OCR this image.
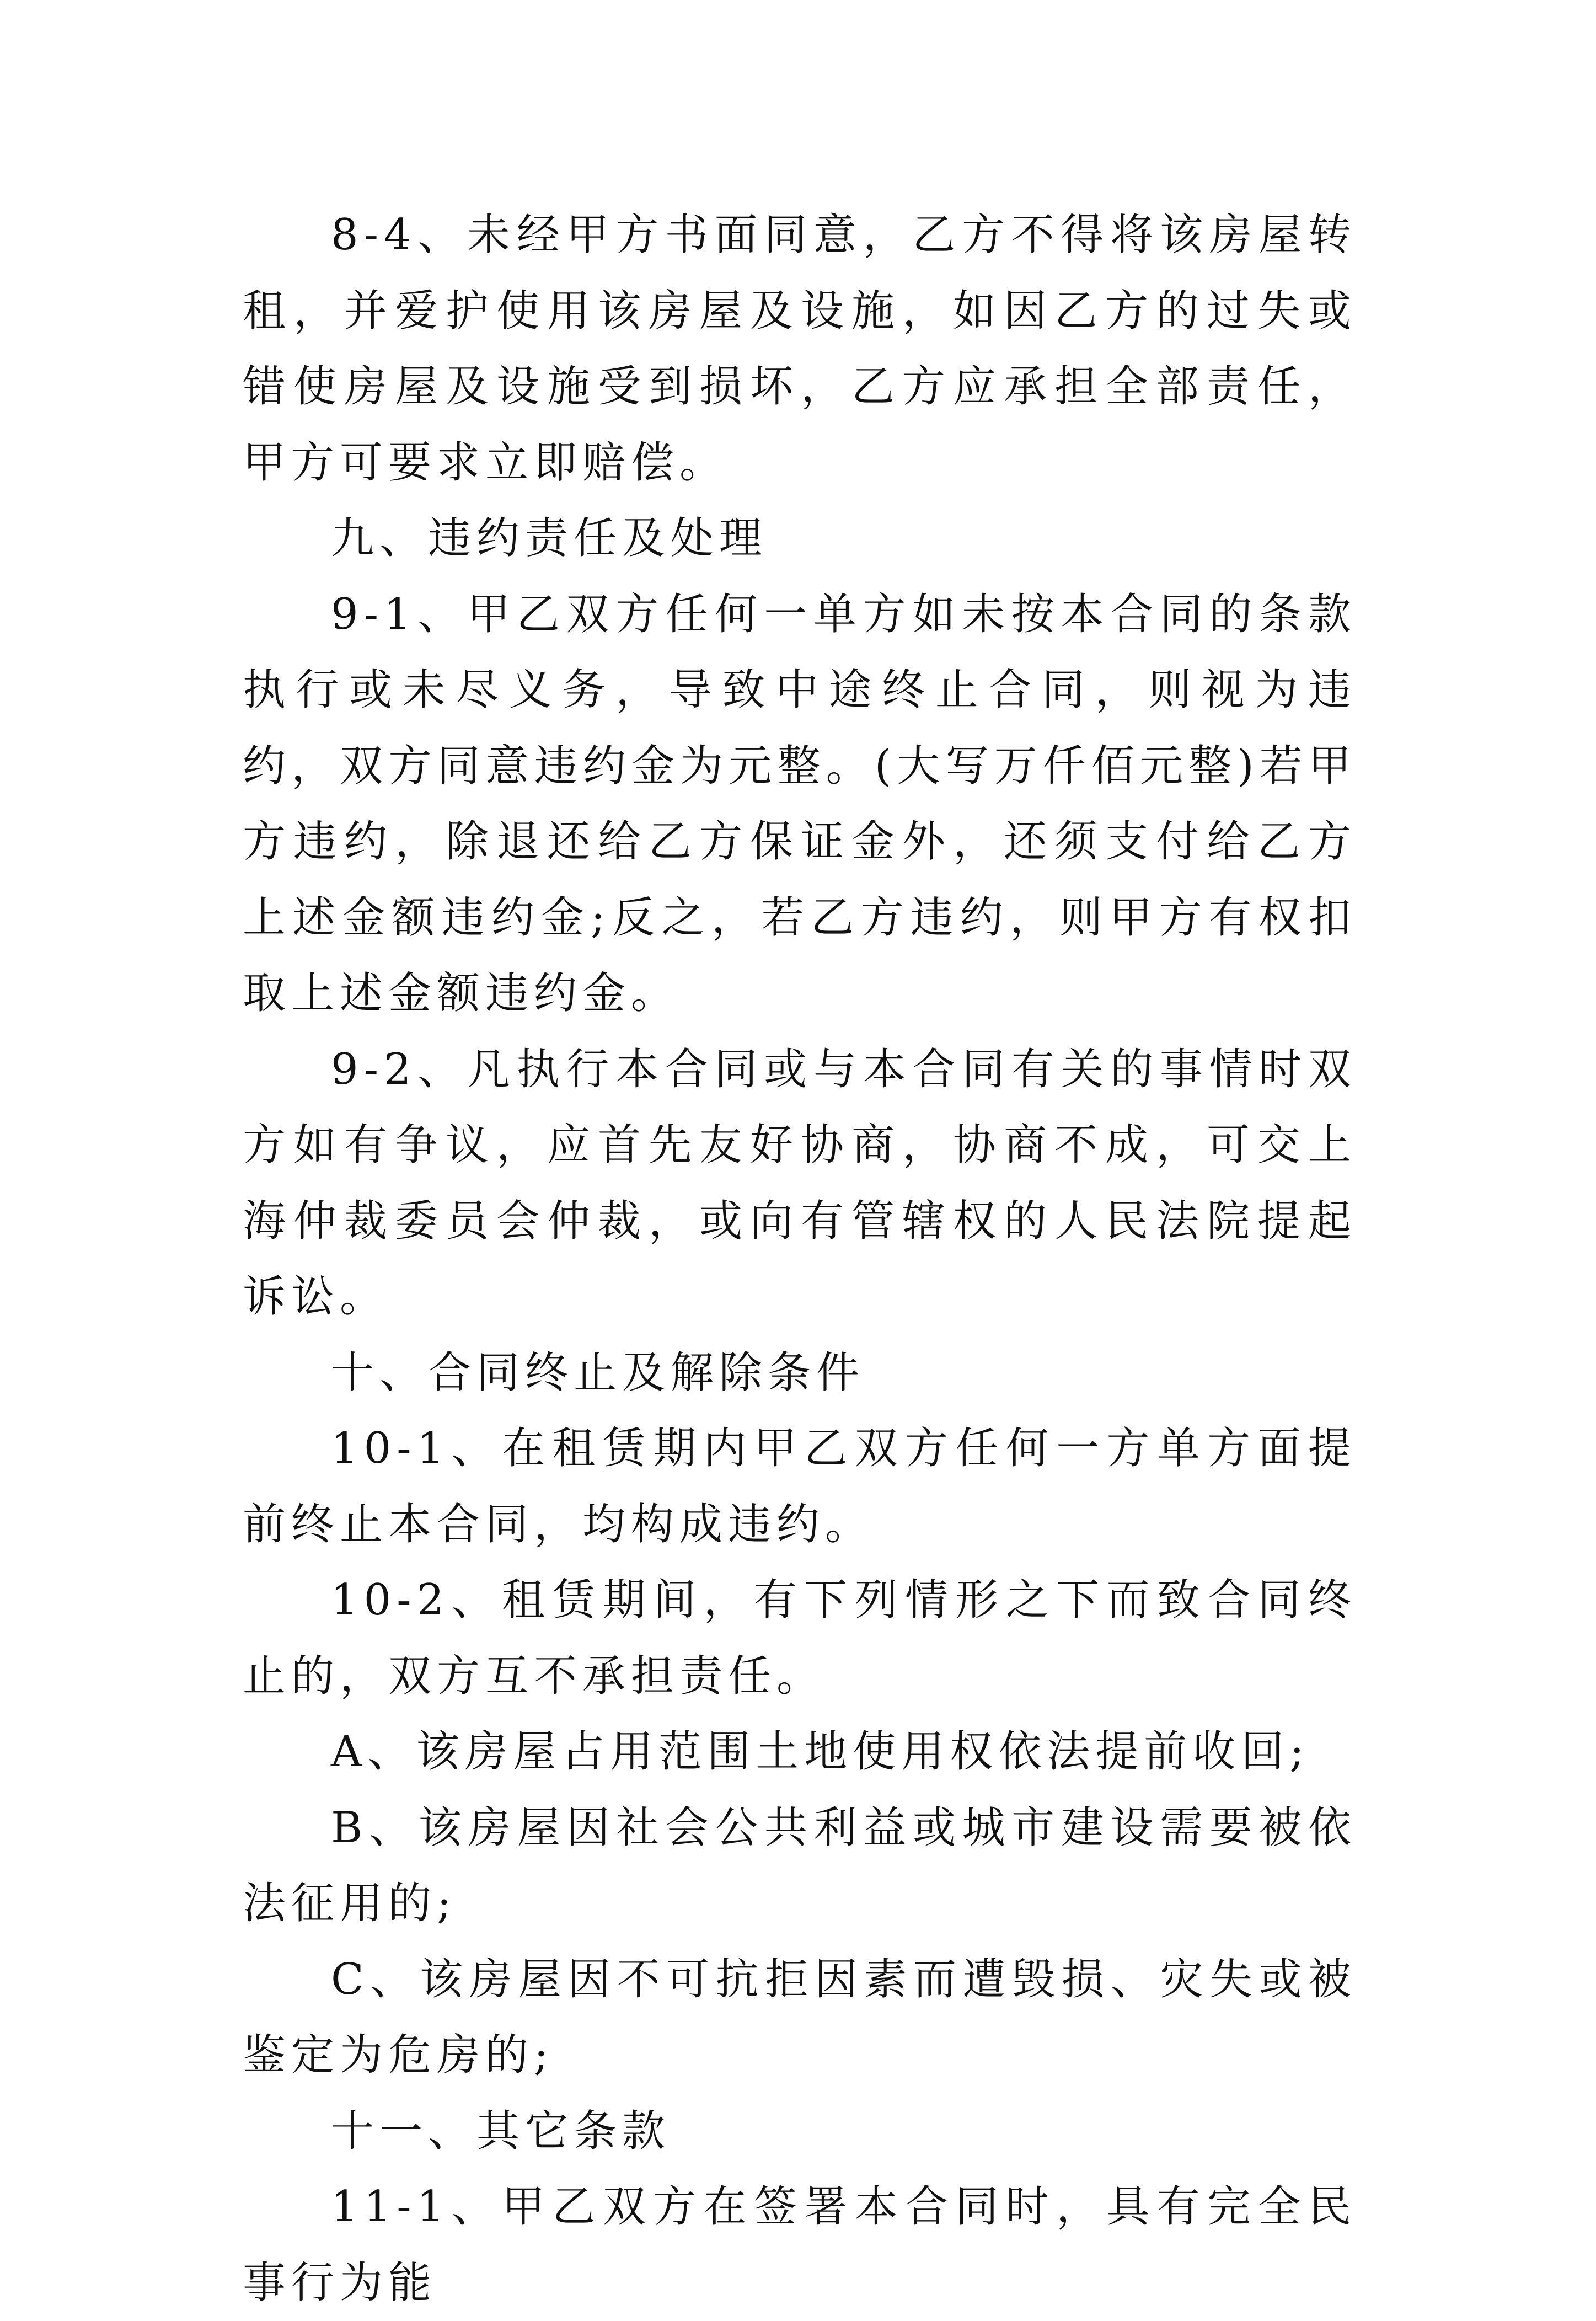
8-4、未经甲方书面同意，乙方不得将该房屋转租，并爱护使用该房屋及设施，如因乙方的过失或错使房屋及设施受到损坏，乙方应承担全部责任，甲方可要求立即赔偿。

九、违约责任及处理

9-1、甲乙双方任何一单方如未按本合同的条款执行或未尽义务，导致中途终止合同，则视为违约，双方同意违约金为元整。(大写万仟佰元整)若甲方违约，除退还给乙方保证金外，还须支付给乙方上述金额违约金;反之，若乙方违约，则甲方有权扣取上述金额违约金。

9-2、凡执行本合同或与本合同有关的事情时双方如有争议，应首先友好协商，协商不成，可交上海仲裁委员会仲裁，或向有管辖权的人民法院提起诉讼。

十、合同终止及解除条件

10-1、在租赁期内甲乙双方任何一方单方面提前终止本合同，均构成违约。

10-2、租赁期间，有下列情形之下而致合同终止的，双方互不承担责任。

A、该房屋占用范围土地使用权依法提前收回;

B、该房屋因社会公共利益或城市建设需要被依法征用的;

C、该房屋因不可抗拒因素而遭毁损、灾失或被鉴定为危房的;

十一、其它条款

11-1、甲乙双方在签署本合同时，具有完全民事行为能
